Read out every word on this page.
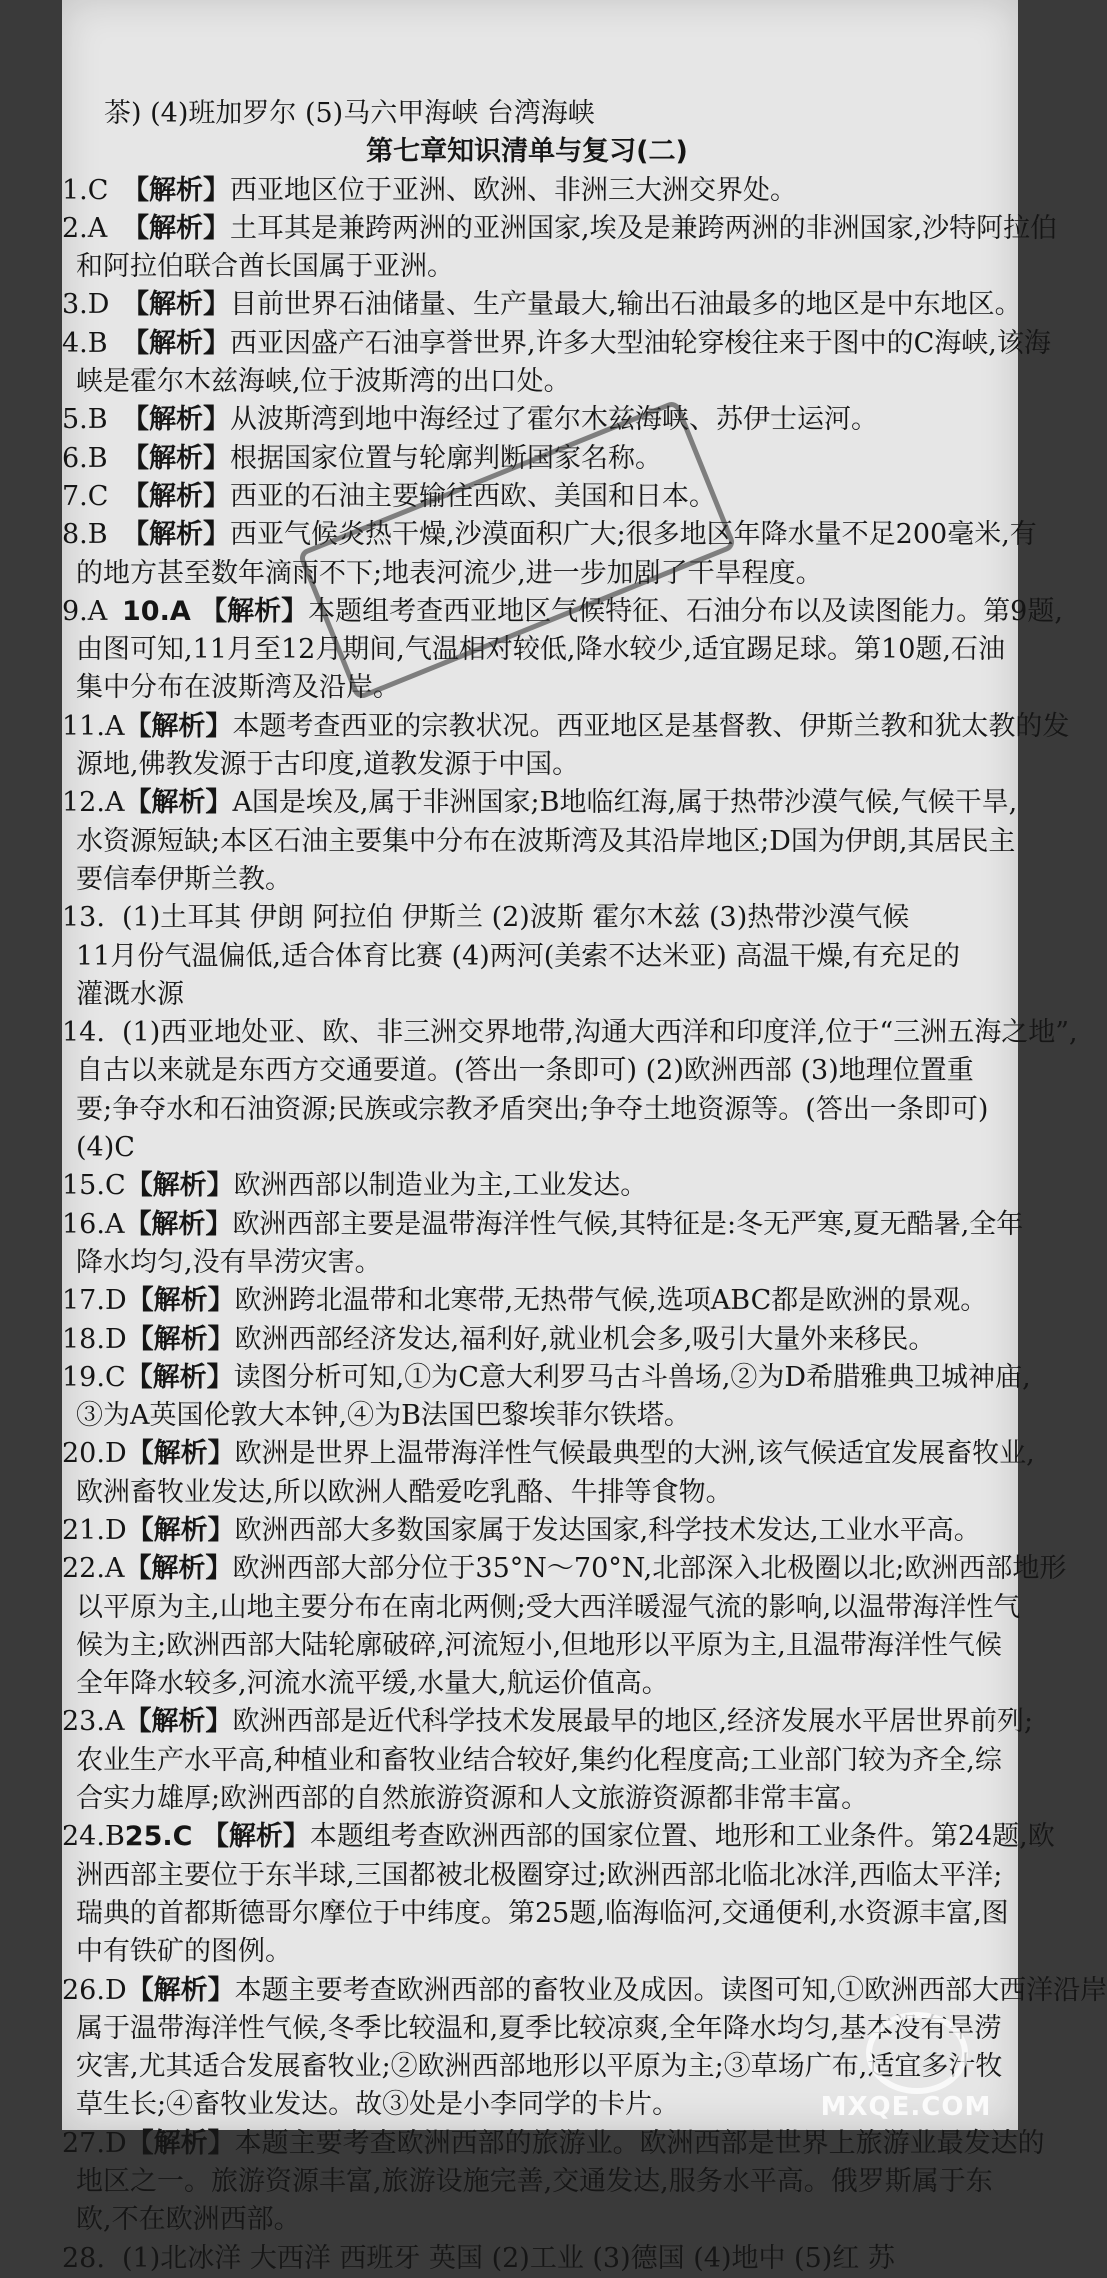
茶) (4)班加罗尔 (5)马六甲海峡 台湾海峡
第七章知识清单与复习(二)
1.C 【解析】西亚地区位于亚洲、欧洲、非洲三大洲交界处。
2.A 【解析】土耳其是兼跨两洲的亚洲国家,埃及是兼跨两洲的非洲国家,沙特阿拉伯
和阿拉伯联合酋长国属于亚洲。
3.D 【解析】目前世界石油储量、生产量最大,输出石油最多的地区是中东地区。
4.B 【解析】西亚因盛产石油享誉世界,许多大型油轮穿梭往来于图中的C海峡,该海
峡是霍尔木兹海峡,位于波斯湾的出口处。
5.B 【解析】从波斯湾到地中海经过了霍尔木兹海峡、苏伊士运河。
6.B 【解析】根据国家位置与轮廓判断国家名称。
7.C 【解析】西亚的石油主要输往西欧、美国和日本。
8.B 【解析】西亚气候炎热干燥,沙漠面积广大;很多地区年降水量不足200毫米,有
的地方甚至数年滴雨不下;地表河流少,进一步加剧了干旱程度。
9.A 10.A 【解析】本题组考查西亚地区气候特征、石油分布以及读图能力。第9题,
由图可知,11月至12月期间,气温相对较低,降水较少,适宜踢足球。第10题,石油
集中分布在波斯湾及沿岸。
11.A【解析】本题考查西亚的宗教状况。西亚地区是基督教、伊斯兰教和犹太教的发
源地,佛教发源于古印度,道教发源于中国。
12.A【解析】A国是埃及,属于非洲国家;B地临红海,属于热带沙漠气候,气候干旱,
水资源短缺;本区石油主要集中分布在波斯湾及其沿岸地区;D国为伊朗,其居民主
要信奉伊斯兰教。
13. (1)土耳其 伊朗 阿拉伯 伊斯兰 (2)波斯 霍尔木兹 (3)热带沙漠气候
11月份气温偏低,适合体育比赛 (4)两河(美索不达米亚) 高温干燥,有充足的
灌溉水源
14. (1)西亚地处亚、欧、非三洲交界地带,沟通大西洋和印度洋,位于“三洲五海之地”,
自古以来就是东西方交通要道。(答出一条即可) (2)欧洲西部 (3)地理位置重
要;争夺水和石油资源;民族或宗教矛盾突出;争夺土地资源等。(答出一条即可)
(4)C
15.C【解析】欧洲西部以制造业为主,工业发达。
16.A【解析】欧洲西部主要是温带海洋性气候,其特征是:冬无严寒,夏无酷暑,全年
降水均匀,没有旱涝灾害。
17.D【解析】欧洲跨北温带和北寒带,无热带气候,选项ABC都是欧洲的景观。
18.D【解析】欧洲西部经济发达,福利好,就业机会多,吸引大量外来移民。
19.C【解析】读图分析可知,①为C意大利罗马古斗兽场,②为D希腊雅典卫城神庙,
③为A英国伦敦大本钟,④为B法国巴黎埃菲尔铁塔。
20.D【解析】欧洲是世界上温带海洋性气候最典型的大洲,该气候适宜发展畜牧业,
欧洲畜牧业发达,所以欧洲人酷爱吃乳酪、牛排等食物。
21.D【解析】欧洲西部大多数国家属于发达国家,科学技术发达,工业水平高。
22.A【解析】欧洲西部大部分位于35°N～70°N,北部深入北极圈以北;欧洲西部地形
以平原为主,山地主要分布在南北两侧;受大西洋暖湿气流的影响,以温带海洋性气
候为主;欧洲西部大陆轮廓破碎,河流短小,但地形以平原为主,且温带海洋性气候
全年降水较多,河流水流平缓,水量大,航运价值高。
23.A【解析】欧洲西部是近代科学技术发展最早的地区,经济发展水平居世界前列;
农业生产水平高,种植业和畜牧业结合较好,集约化程度高;工业部门较为齐全,综
合实力雄厚;欧洲西部的自然旅游资源和人文旅游资源都非常丰富。
24.B25.C 【解析】本题组考查欧洲西部的国家位置、地形和工业条件。第24题,欧
洲西部主要位于东半球,三国都被北极圈穿过;欧洲西部北临北冰洋,西临太平洋;
瑞典的首都斯德哥尔摩位于中纬度。第25题,临海临河,交通便利,水资源丰富,图
中有铁矿的图例。
26.D【解析】本题主要考查欧洲西部的畜牧业及成因。读图可知,①欧洲西部大西洋沿岸
属于温带海洋性气候,冬季比较温和,夏季比较凉爽,全年降水均匀,基本没有旱涝
灾害,尤其适合发展畜牧业;②欧洲西部地形以平原为主;③草场广布,适宜多汁牧
草生长;④畜牧业发达。故③处是小李同学的卡片。
27.D【解析】本题主要考查欧洲西部的旅游业。欧洲西部是世界上旅游业最发达的
地区之一。旅游资源丰富,旅游设施完善,交通发达,服务水平高。俄罗斯属于东
欧,不在欧洲西部。
28. (1)北冰洋 大西洋 西班牙 英国 (2)工业 (3)德国 (4)地中 (5)红 苏
MXQE.COM
